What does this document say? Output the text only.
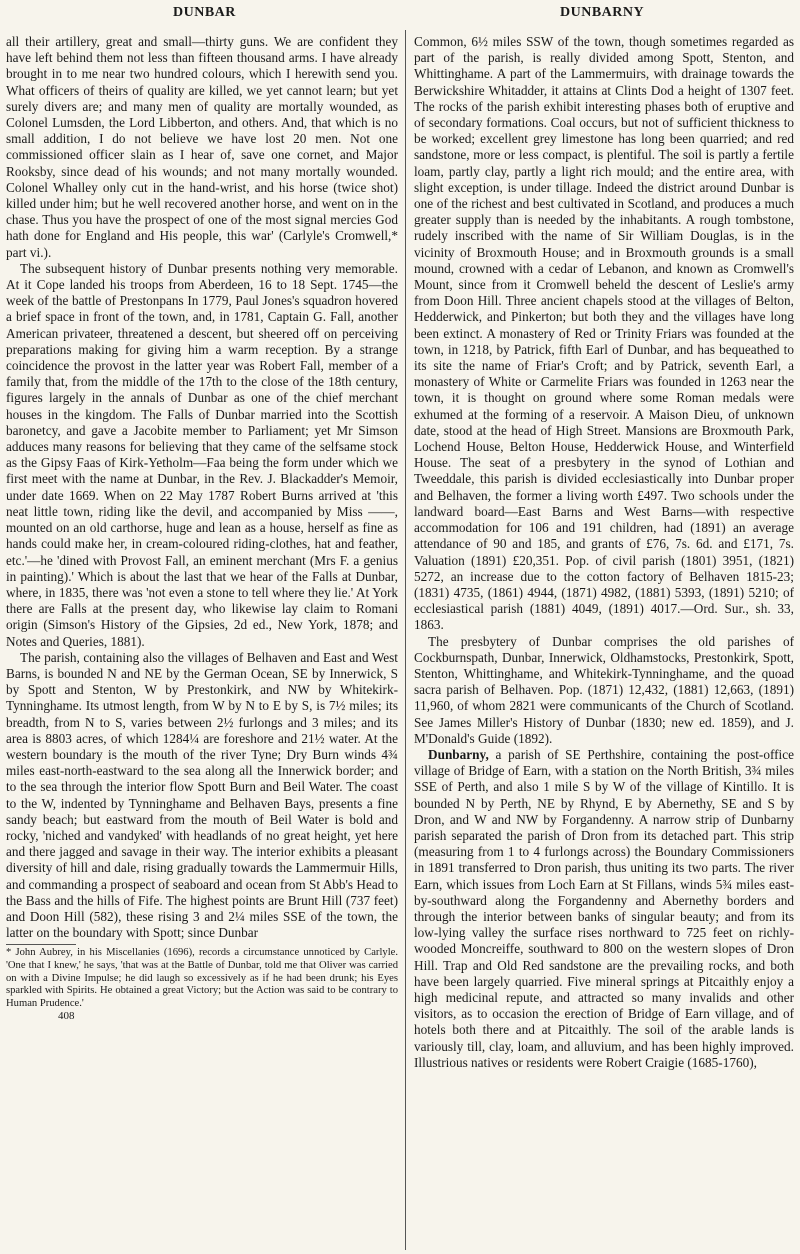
DUNBAR	DUNBARNY

all their artillery, great and small—thirty guns. We are confident they have left behind them not less than fifteen thousand arms. I have already brought in to me near two hundred colours, which I herewith send you. What officers of theirs of quality are killed, we yet cannot learn; but yet surely divers are; and many men of quality are mortally wounded, as Colonel Lumsden, the Lord Libberton, and others. And, that which is no small addition, I do not believe we have lost 20 men. Not one commissioned officer slain as I hear of, save one cornet, and Major Rooksby, since dead of his wounds; and not many mortally wounded. Colonel Whalley only cut in the hand-wrist, and his horse (twice shot) killed under him; but he well recovered another horse, and went on in the chase. Thus you have the prospect of one of the most signal mercies God hath done for England and His people, this war' (Carlyle's Cromwell,* part vi.).

The subsequent history of Dunbar presents nothing very memorable. At it Cope landed his troops from Aberdeen, 16 to 18 Sept. 1745—the week of the battle of Prestonpans In 1779, Paul Jones's squadron hovered a brief space in front of the town, and, in 1781, Captain G. Fall, another American privateer, threatened a descent, but sheered off on perceiving preparations making for giving him a warm reception. By a strange coincidence the provost in the latter year was Robert Fall, member of a family that, from the middle of the 17th to the close of the 18th century, figures largely in the annals of Dunbar as one of the chief merchant houses in the kingdom. The Falls of Dunbar married into the Scottish baronetcy, and gave a Jacobite member to Parliament; yet Mr Simson adduces many reasons for believing that they came of the selfsame stock as the Gipsy Faas of Kirk-Yetholm—Faa being the form under which we first meet with the name at Dunbar, in the Rev. J. Blackadder's Memoir, under date 1669. When on 22 May 1787 Robert Burns arrived at 'this neat little town, riding like the devil, and accompanied by Miss ——, mounted on an old carthorse, huge and lean as a house, herself as fine as hands could make her, in cream-coloured riding-clothes, hat and feather, etc.'—he 'dined with Provost Fall, an eminent merchant (Mrs F. a genius in painting).' Which is about the last that we hear of the Falls at Dunbar, where, in 1835, there was 'not even a stone to tell where they lie.' At York there are Falls at the present day, who likewise lay claim to Romani origin (Simson's History of the Gipsies, 2d ed., New York, 1878; and Notes and Queries, 1881).

The parish, containing also the villages of Belhaven and East and West Barns, is bounded N and NE by the German Ocean, SE by Innerwick, S by Spott and Stenton, W by Prestonkirk, and NW by Whitekirk-Tynninghame. Its utmost length, from W by N to E by S, is 7½ miles; its breadth, from N to S, varies between 2½ furlongs and 3 miles; and its area is 8803 acres, of which 1284¼ are foreshore and 21½ water. At the western boundary is the mouth of the river Tyne; Dry Burn winds 4¾ miles east-north-eastward to the sea along all the Innerwick border; and to the sea through the interior flow Spott Burn and Beil Water. The coast to the W, indented by Tynninghame and Belhaven Bays, presents a fine sandy beach; but eastward from the mouth of Beil Water is bold and rocky, 'niched and vandyked' with headlands of no great height, yet here and there jagged and savage in their way. The interior exhibits a pleasant diversity of hill and dale, rising gradually towards the Lammermuir Hills, and commanding a prospect of seaboard and ocean from St Abb's Head to the Bass and the hills of Fife. The highest points are Brunt Hill (737 feet) and Doon Hill (582), these rising 3 and 2¼ miles SSE of the town, the latter on the boundary with Spott; since Dunbar

* John Aubrey, in his Miscellanies (1696), records a circumstance unnoticed by Carlyle. 'One that I knew,' he says, 'that was at the Battle of Dunbar, told me that Oliver was carried on with a Divine Impulse; he did laugh so excessively as if he had been drunk; his Eyes sparkled with Spirits. He obtained a great Victory; but the Action was said to be contrary to Human Prudence.'

408

Common, 6½ miles SSW of the town, though sometimes regarded as part of the parish, is really divided among Spott, Stenton, and Whittinghame. A part of the Lammermuirs, with drainage towards the Berwickshire Whitadder, it attains at Clints Dod a height of 1307 feet. The rocks of the parish exhibit interesting phases both of eruptive and of secondary formations. Coal occurs, but not of sufficient thickness to be worked; excellent grey limestone has long been quarried; and red sandstone, more or less compact, is plentiful. The soil is partly a fertile loam, partly clay, partly a light rich mould; and the entire area, with slight exception, is under tillage. Indeed the district around Dunbar is one of the richest and best cultivated in Scotland, and produces a much greater supply than is needed by the inhabitants. A rough tombstone, rudely inscribed with the name of Sir William Douglas, is in the vicinity of Broxmouth House; and in Broxmouth grounds is a small mound, crowned with a cedar of Lebanon, and known as Cromwell's Mount, since from it Cromwell beheld the descent of Leslie's army from Doon Hill. Three ancient chapels stood at the villages of Belton, Hedderwick, and Pinkerton; but both they and the villages have long been extinct. A monastery of Red or Trinity Friars was founded at the town, in 1218, by Patrick, fifth Earl of Dunbar, and has bequeathed to its site the name of Friar's Croft; and by Patrick, seventh Earl, a monastery of White or Carmelite Friars was founded in 1263 near the town, it is thought on ground where some Roman medals were exhumed at the forming of a reservoir. A Maison Dieu, of unknown date, stood at the head of High Street. Mansions are Broxmouth Park, Lochend House, Belton House, Hedderwick House, and Winterfield House. The seat of a presbytery in the synod of Lothian and Tweeddale, this parish is divided ecclesiastically into Dunbar proper and Belhaven, the former a living worth £497. Two schools under the landward board—East Barns and West Barns—with respective accommodation for 106 and 191 children, had (1891) an average attendance of 90 and 185, and grants of £76, 7s. 6d. and £171, 7s. Valuation (1891) £20,351. Pop. of civil parish (1801) 3951, (1821) 5272, an increase due to the cotton factory of Belhaven 1815-23; (1831) 4735, (1861) 4944, (1871) 4982, (1881) 5393, (1891) 5210; of ecclesiastical parish (1881) 4049, (1891) 4017.—Ord. Sur., sh. 33, 1863.

The presbytery of Dunbar comprises the old parishes of Cockburnspath, Dunbar, Innerwick, Oldhamstocks, Prestonkirk, Spott, Stenton, Whittinghame, and Whitekirk-Tynninghame, and the quoad sacra parish of Belhaven. Pop. (1871) 12,432, (1881) 12,663, (1891) 11,960, of whom 2821 were communicants of the Church of Scotland. See James Miller's History of Dunbar (1830; new ed. 1859), and J. M'Donald's Guide (1892).

Dunbarny, a parish of SE Perthshire, containing the post-office village of Bridge of Earn, with a station on the North British, 3¾ miles SSE of Perth, and also 1 mile S by W of the village of Kintillo. It is bounded N by Perth, NE by Rhynd, E by Abernethy, SE and S by Dron, and W and NW by Forgandenny. A narrow strip of Dunbarny parish separated the parish of Dron from its detached part. This strip (measuring from 1 to 4 furlongs across) the Boundary Commissioners in 1891 transferred to Dron parish, thus uniting its two parts. The river Earn, which issues from Loch Earn at St Fillans, winds 5¾ miles east-by-southward along the Forgandenny and Abernethy borders and through the interior between banks of singular beauty; and from its low-lying valley the surface rises northward to 725 feet on richly-wooded Moncreiffe, southward to 800 on the western slopes of Dron Hill. Trap and Old Red sandstone are the prevailing rocks, and both have been largely quarried. Five mineral springs at Pitcaithly enjoy a high medicinal repute, and attracted so many invalids and other visitors, as to occasion the erection of Bridge of Earn village, and of hotels both there and at Pitcaithly. The soil of the arable lands is variously till, clay, loam, and alluvium, and has been highly improved. Illustrious natives or residents were Robert Craigie (1685-1760),
